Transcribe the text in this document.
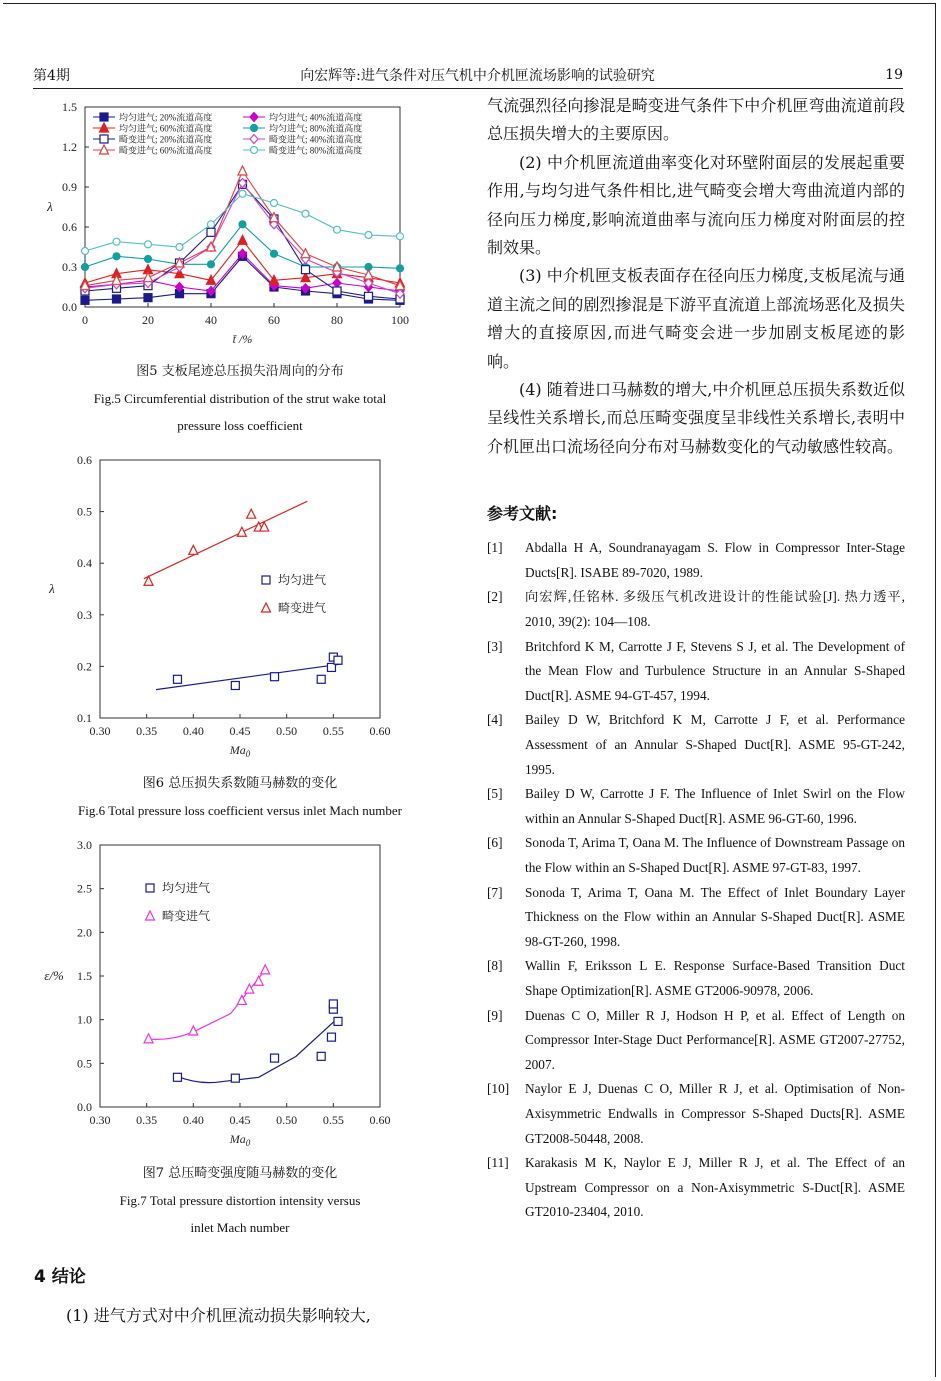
第4期	向宏辉等:进气条件对压气机中介机匣流场影响的试验研究	19
0	20	40	60	80	100
0.0
0.3
0.6
0.9
1.2
1.5
λ
t̄ /%
均匀进气; 20%流道高度	均匀进气; 40%流道高度
均匀进气; 60%流道高度	均匀进气; 80%流道高度
畸变进气; 20%流道高度	畸变进气; 40%流道高度
畸变进气; 60%流道高度	畸变进气; 80%流道高度
图5 支板尾迹总压损失沿周向的分布
Fig.5 Circumferential distribution of the strut wake total
pressure loss coefficient
0.30 0.35 0.40 0.45 0.50 0.55 0.60
0.1
0.2
0.3
0.4
0.5
0.6
λ
$Ma_0$
均匀进气
畸变进气
图6 总压损失系数随马赫数的变化
Fig.6 Total pressure loss coefficient versus inlet Mach number
0.30 0.35 0.40 0.45 0.50 0.55 0.60
0.0
0.5
1.0
1.5
2.0
2.5
3.0
ε/%
$Ma_0$
均匀进气
畸变进气
图7 总压畸变强度随马赫数的变化
Fig.7 Total pressure distortion intensity versus
inlet Mach number
4 结论

(1) 进气方式对中介机匣流动损失影响较大,

气流强烈径向掺混是畸变进气条件下中介机匣弯曲流道前段总压损失增大的主要原因。

(2) 中介机匣流道曲率变化对环壁附面层的发展起重要作用,与均匀进气条件相比,进气畸变会增大弯曲流道内部的径向压力梯度,影响流道曲率与流向压力梯度对附面层的控制效果。

(3) 中介机匣支板表面存在径向压力梯度,支板尾流与通道主流之间的剧烈掺混是下游平直流道上部流场恶化及损失增大的直接原因,而进气畸变会进一步加剧支板尾迹的影响。

(4) 随着进口马赫数的增大,中介机匣总压损失系数近似呈线性关系增长,而总压畸变强度呈非线性关系增长,表明中介机匣出口流场径向分布对马赫数变化的气动敏感性较高。

参考文献:
[1]	Abdalla H A, Soundranayagam S. Flow in Compressor Inter-Stage Ducts[R]. ISABE 89-7020, 1989.
[2]	向宏辉,任铭林. 多级压气机改进设计的性能试验[J]. 热力透平, 2010, 39(2): 104—108.
[3]	Britchford K M, Carrotte J F, Stevens S J, et al. The Development of the Mean Flow and Turbulence Structure in an Annular S-Shaped Duct[R]. ASME 94-GT-457, 1994.
[4]	Bailey D W, Britchford K M, Carrotte J F, et al. Performance Assessment of an Annular S-Shaped Duct[R]. ASME 95-GT-242, 1995.
[5]	Bailey D W, Carrotte J F. The Influence of Inlet Swirl on the Flow within an Annular S-Shaped Duct[R]. ASME 96-GT-60, 1996.
[6]	Sonoda T, Arima T, Oana M. The Influence of Downstream Passage on the Flow within an S-Shaped Duct[R]. ASME 97-GT-83, 1997.
[7]	Sonoda T, Arima T, Oana M. The Effect of Inlet Boundary Layer Thickness on the Flow within an Annular S-Shaped Duct[R]. ASME 98-GT-260, 1998.
[8]	Wallin F, Eriksson L E. Response Surface-Based Transition Duct Shape Optimization[R]. ASME GT2006-90978, 2006.
[9]	Duenas C O, Miller R J, Hodson H P, et al. Effect of Length on Compressor Inter-Stage Duct Performance[R]. ASME GT2007-27752, 2007.
[10]	Naylor E J, Duenas C O, Miller R J, et al. Optimisation of Non-Axisymmetric Endwalls in Compressor S-Shaped Ducts[R]. ASME GT2008-50448, 2008.
[11]	Karakasis M K, Naylor E J, Miller R J, et al. The Effect of an Upstream Compressor on a Non-Axisymmetric S-Duct[R]. ASME GT2010-23404, 2010.
